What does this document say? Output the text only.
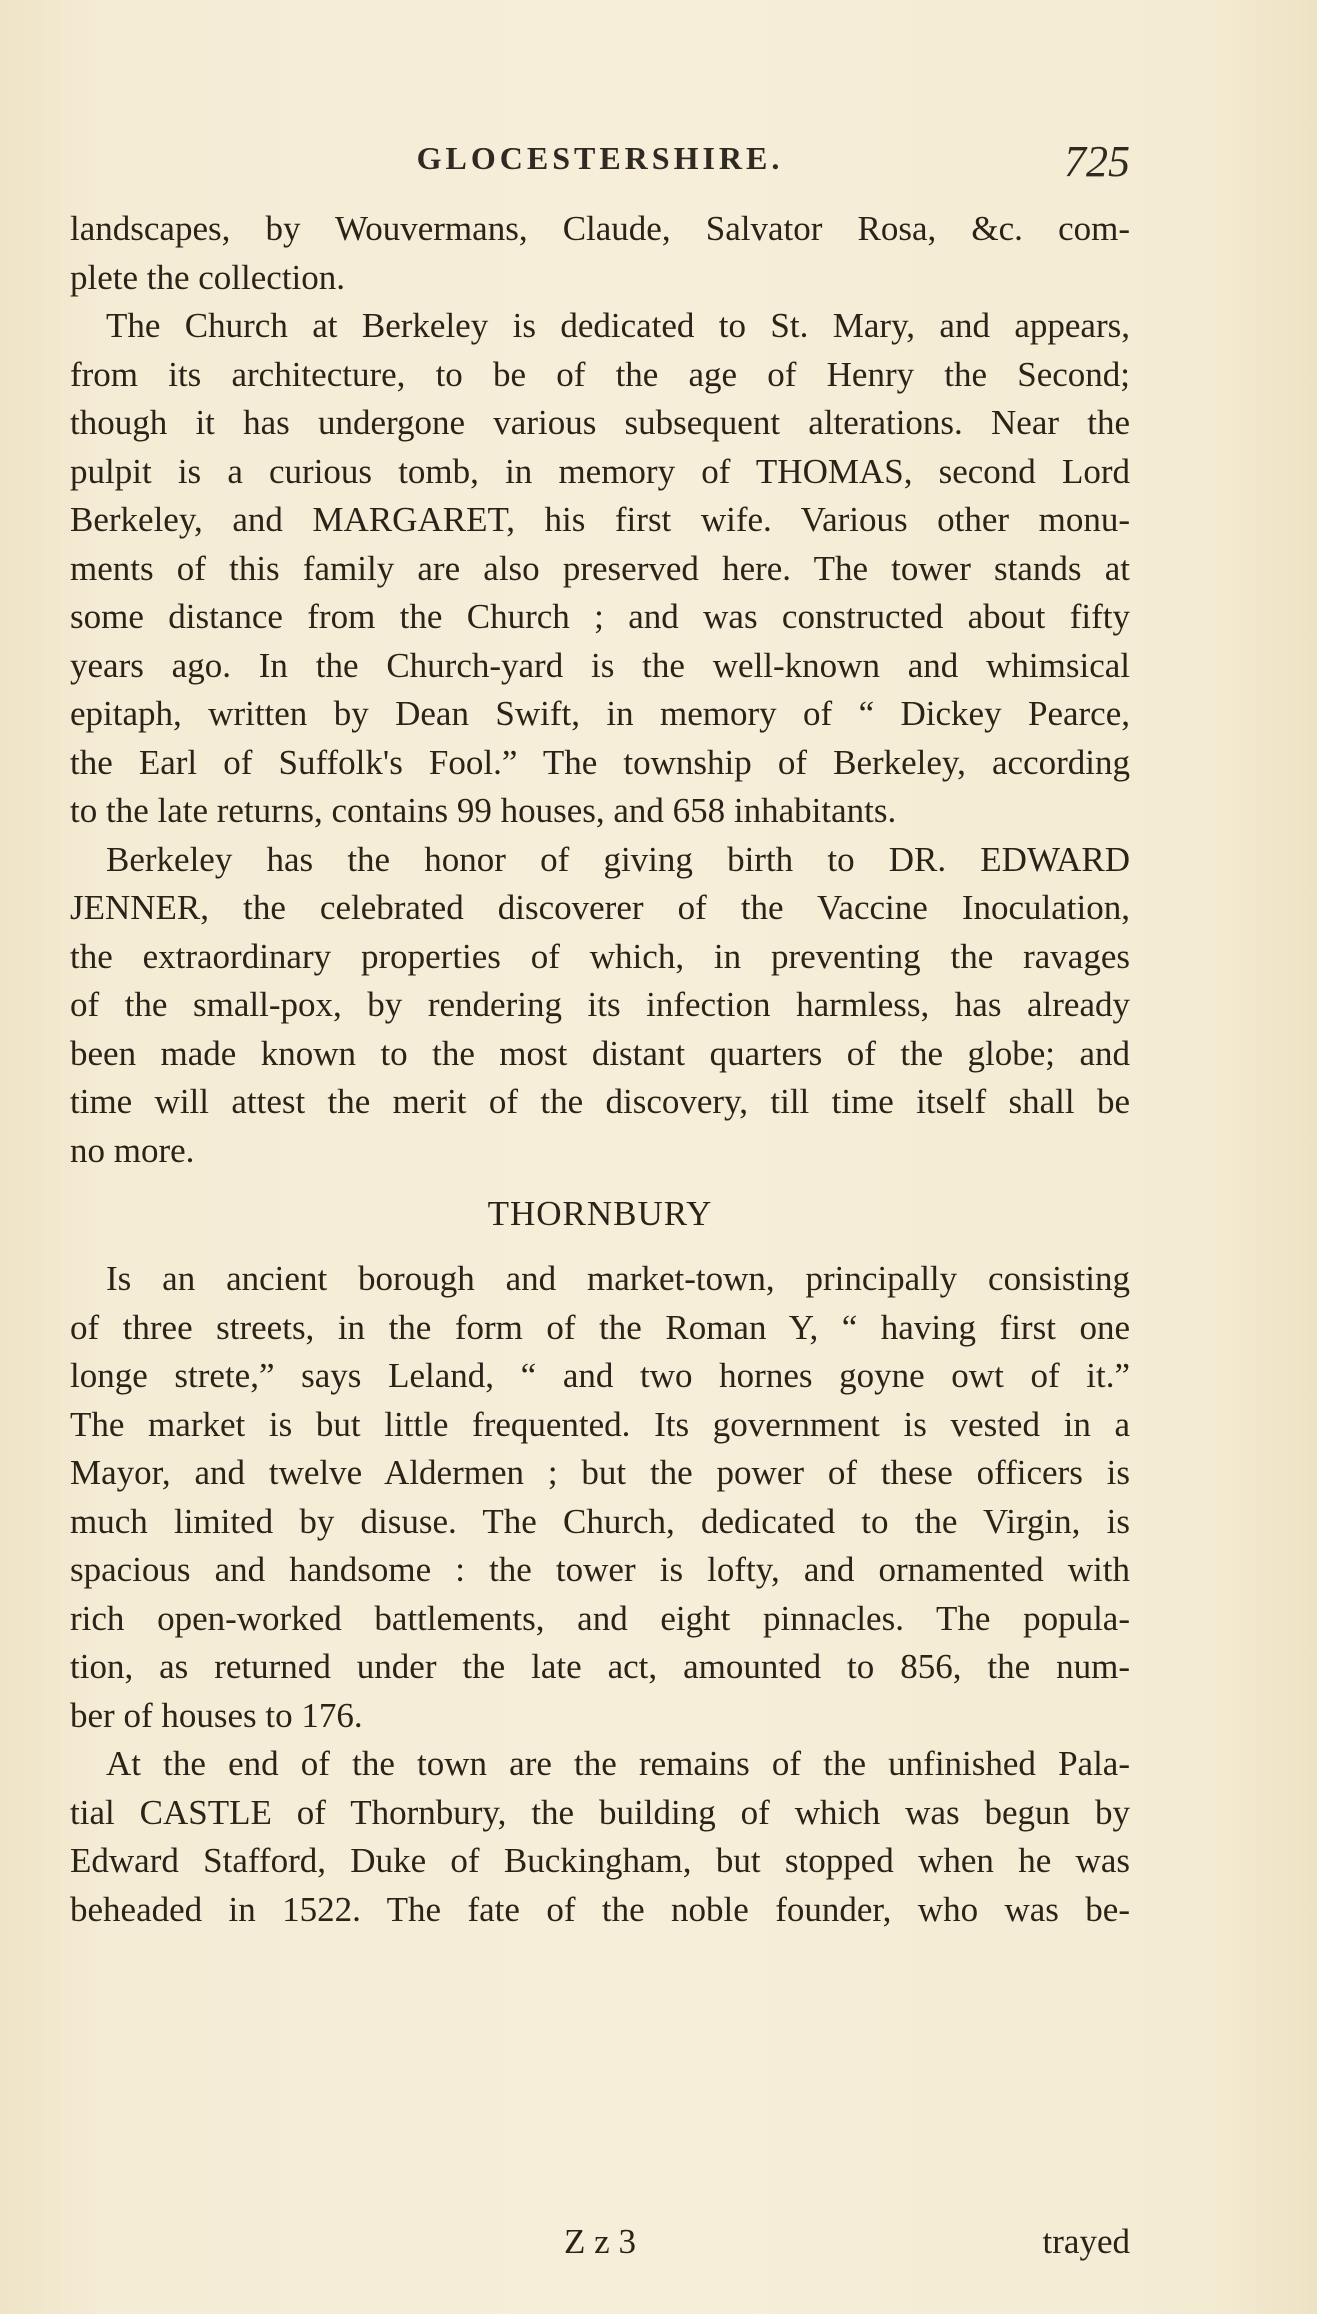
GLOCESTERSHIRE.	725
landscapes, by Wouvermans, Claude, Salvator Rosa, &c. com-
plete the collection.
The Church at Berkeley is dedicated to St. Mary, and appears,
from its architecture, to be of the age of Henry the Second;
though it has undergone various subsequent alterations. Near the
pulpit is a curious tomb, in memory of THOMAS, second Lord
Berkeley, and MARGARET, his first wife. Various other monu-
ments of this family are also preserved here. The tower stands at
some distance from the Church ; and was constructed about fifty
years ago. In the Church-yard is the well-known and whimsical
epitaph, written by Dean Swift, in memory of “ Dickey Pearce,
the Earl of Suffolk's Fool.” The township of Berkeley, according
to the late returns, contains 99 houses, and 658 inhabitants.
Berkeley has the honor of giving birth to DR. EDWARD
JENNER, the celebrated discoverer of the Vaccine Inoculation,
the extraordinary properties of which, in preventing the ravages
of the small-pox, by rendering its infection harmless, has already
been made known to the most distant quarters of the globe; and
time will attest the merit of the discovery, till time itself shall be
no more.
THORNBURY
Is an ancient borough and market-town, principally consisting
of three streets, in the form of the Roman Y, “ having first one
longe strete,” says Leland, “ and two hornes goyne owt of it.”
The market is but little frequented. Its government is vested in a
Mayor, and twelve Aldermen ; but the power of these officers is
much limited by disuse. The Church, dedicated to the Virgin, is
spacious and handsome : the tower is lofty, and ornamented with
rich open-worked battlements, and eight pinnacles. The popula-
tion, as returned under the late act, amounted to 856, the num-
ber of houses to 176.
At the end of the town are the remains of the unfinished Pala-
tial CASTLE of Thornbury, the building of which was begun by
Edward Stafford, Duke of Buckingham, but stopped when he was
beheaded in 1522. The fate of the noble founder, who was be-
Z z 3	trayed
